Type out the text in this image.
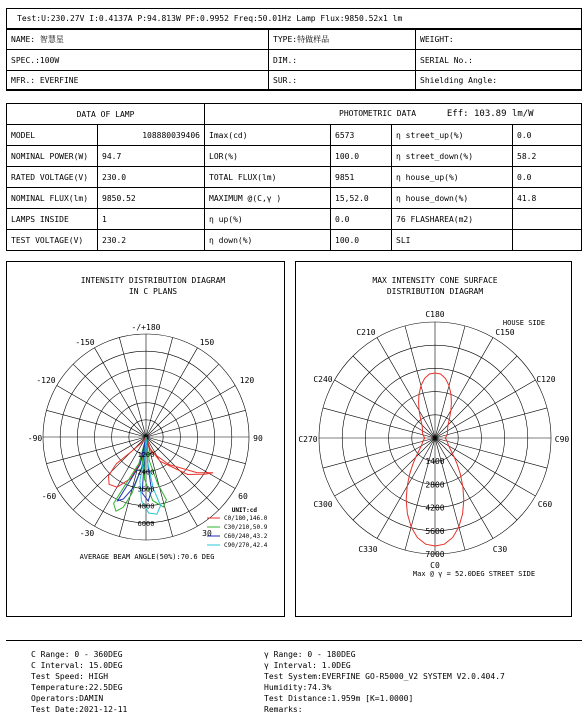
Test:U:230.27V I:0.4137A P:94.813W PF:0.9952 Freq:50.01Hz Lamp Flux:9850.52x1 lm
NAME: 智慧星	TYPE:特做样品	WEIGHT:
SPEC.:100W	DIM.:	SERIAL No.:
MFR.: EVERFINE	SUR.:	Shielding Angle:
DATA OF LAMP		PHOTOMETRIC DATA Eff: 103.89 lm/W			
MODEL	108880039406	Imax(cd)	6573	η street_up(%)	0.0
NOMINAL POWER(W)	94.7	LOR(%)	100.0	η street_down(%)	58.2
RATED VOLTAGE(V)	230.0	TOTAL FLUX(lm)	9851	η house_up(%)	0.0
NOMINAL FLUX(lm)	9850.52	MAXIMUM @(C,γ )	15,52.0	η house_down(%)	41.8
LAMPS INSIDE	1	η up(%)	0.0	76 FLASHAREA(m2)	
TEST VOLTAGE(V)	230.2	η down(%)	100.0	SLI	
INTENSITY DISTRIBUTION DIAGRAM
IN C PLANS
-/+180
150
-150
120
-120
90
-90
60
-60
30
-30
1200
2400
3600
4800
6000
UNIT:cd
C0/180,146.0
C30/210,50.9
C60/240,43.2
C90/270,42.4
AVERAGE BEAM ANGLE(50%):70.6 DEG
MAX INTENSITY CONE SURFACE
DISTRIBUTION DIAGRAM
HOUSE SIDE
C180
C150
C120
C90
C60
C30
C0
C330
C300
C270
C240
C210
1400
2800
4200
5600
7000
Max @ γ = 52.0DEG STREET SIDE
C Range: 0 - 360DEG
C Interval: 15.0DEG
Test Speed: HIGH
Temperature:22.5DEG
Operators:DAMIN
Test Date:2021-12-11
γ Range: 0 - 180DEG
γ Interval: 1.0DEG
Test System:EVERFINE GO-R5000_V2 SYSTEM V2.0.404.7
Humidity:74.3%
Test Distance:1.959m [K=1.0000]
Remarks:
